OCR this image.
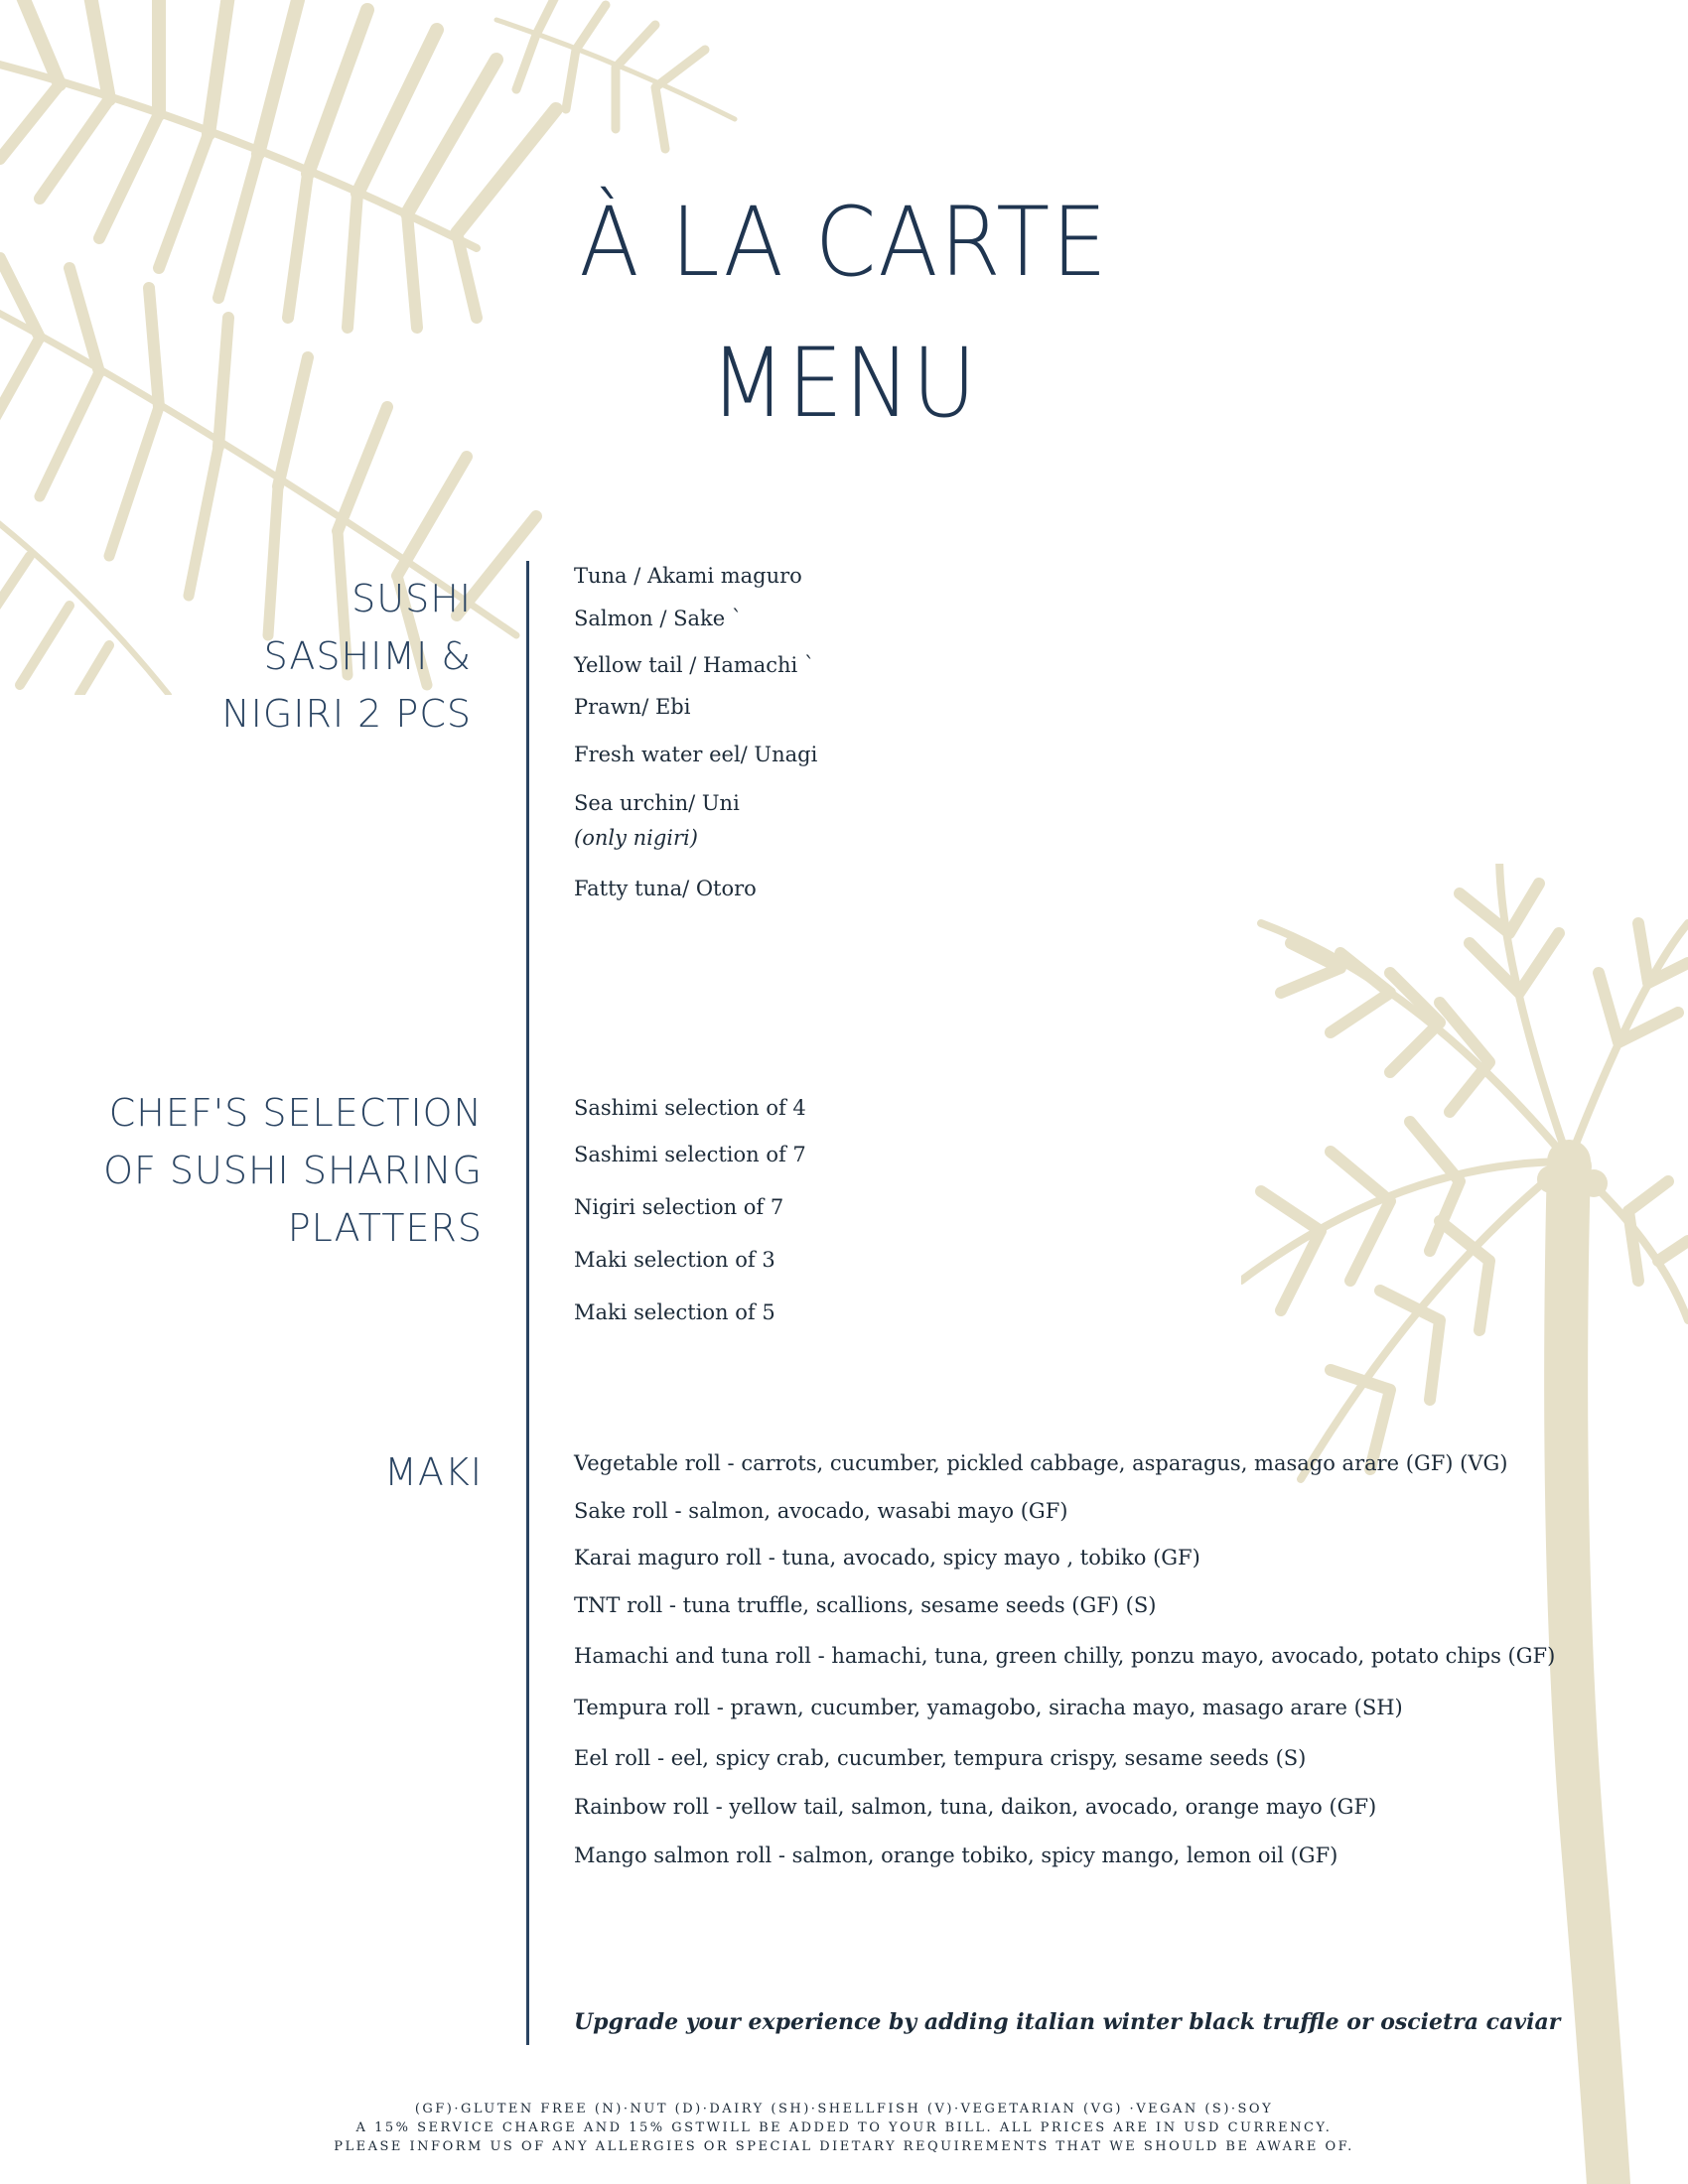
À LA CARTE
MENU
SUSHI
SASHIMI &
NIGIRI 2 PCS
Tuna / Akami maguro
Salmon / Sake `
Yellow tail / Hamachi `
Prawn/ Ebi
Fresh water eel/ Unagi
Sea urchin/ Uni
(only nigiri)
Fatty tuna/ Otoro
CHEF'S SELECTION
OF SUSHI SHARING
PLATTERS
Sashimi selection of 4
Sashimi selection of 7
Nigiri selection of 7
Maki selection of 3
Maki selection of 5
MAKI	Vegetable roll - carrots, cucumber, pickled cabbage, asparagus, masago arare (GF) (VG)
Sake roll - salmon, avocado, wasabi mayo (GF)
Karai maguro roll - tuna, avocado, spicy mayo , tobiko (GF)
TNT roll - tuna truffle, scallions, sesame seeds (GF) (S)
Hamachi and tuna roll - hamachi, tuna, green chilly, ponzu mayo, avocado, potato chips (GF)
Tempura roll - prawn, cucumber, yamagobo, siracha mayo, masago arare (SH)
Eel roll - eel, spicy crab, cucumber, tempura crispy, sesame seeds (S)
Rainbow roll - yellow tail, salmon, tuna, daikon, avocado, orange mayo (GF)
Mango salmon roll - salmon, orange tobiko, spicy mango, lemon oil (GF)
Upgrade your experience by adding italian winter black truffle or oscietra caviar
(GF)·GLUTEN FREE (N)·NUT (D)·DAIRY (SH)·SHELLFISH (V)·VEGETARIAN (VG) ·VEGAN (S)·SOY
A 15% SERVICE CHARGE AND 15% GSTWILL BE ADDED TO YOUR BILL. ALL PRICES ARE IN USD CURRENCY.
PLEASE INFORM US OF ANY ALLERGIES OR SPECIAL DIETARY REQUIREMENTS THAT WE SHOULD BE AWARE OF.
